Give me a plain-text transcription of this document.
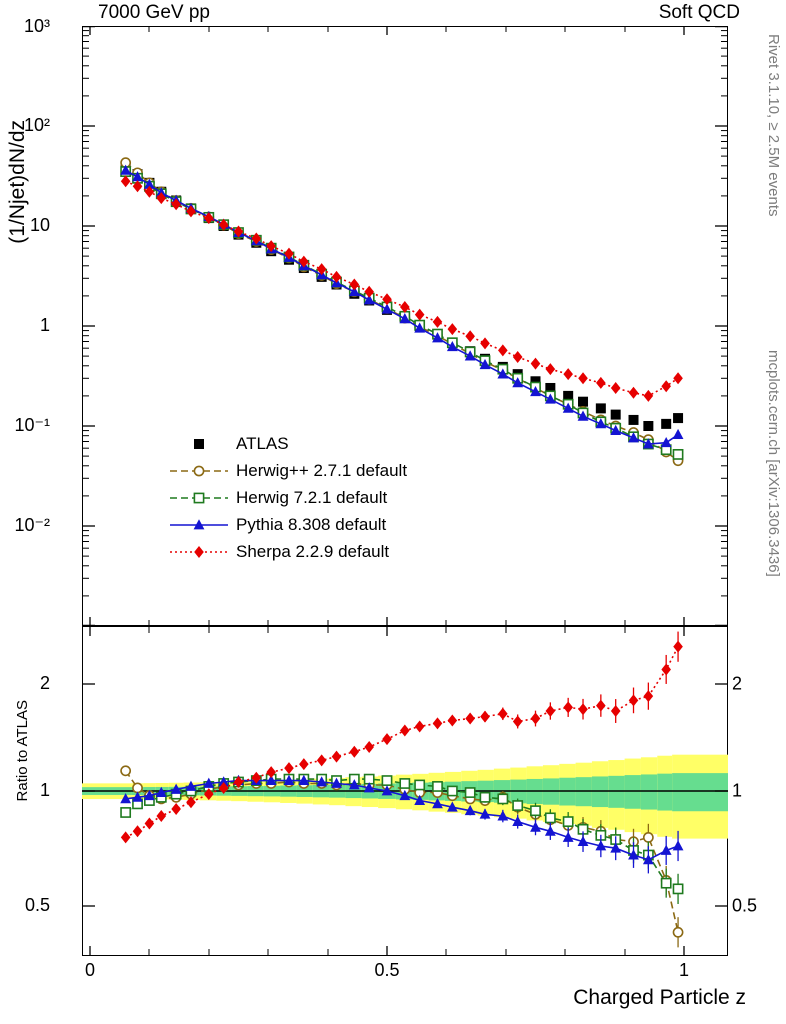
7000 GeV pp	Soft QCD
Rivet 3.1.10, ≥ 2.5M events
mcplots.cern.ch [arXiv:1306.3436]
(1/Njet)dN/dz
Ratio to ATLAS
Charged Particle z
10³
10²
10
1
10⁻¹
10⁻²
2
1
0.5
2
1
0.5
0	0.5	1
ATLAS
Herwig++ 2.7.1 default
Herwig 7.2.1 default
Pythia 8.308 default
Sherpa 2.2.9 default
